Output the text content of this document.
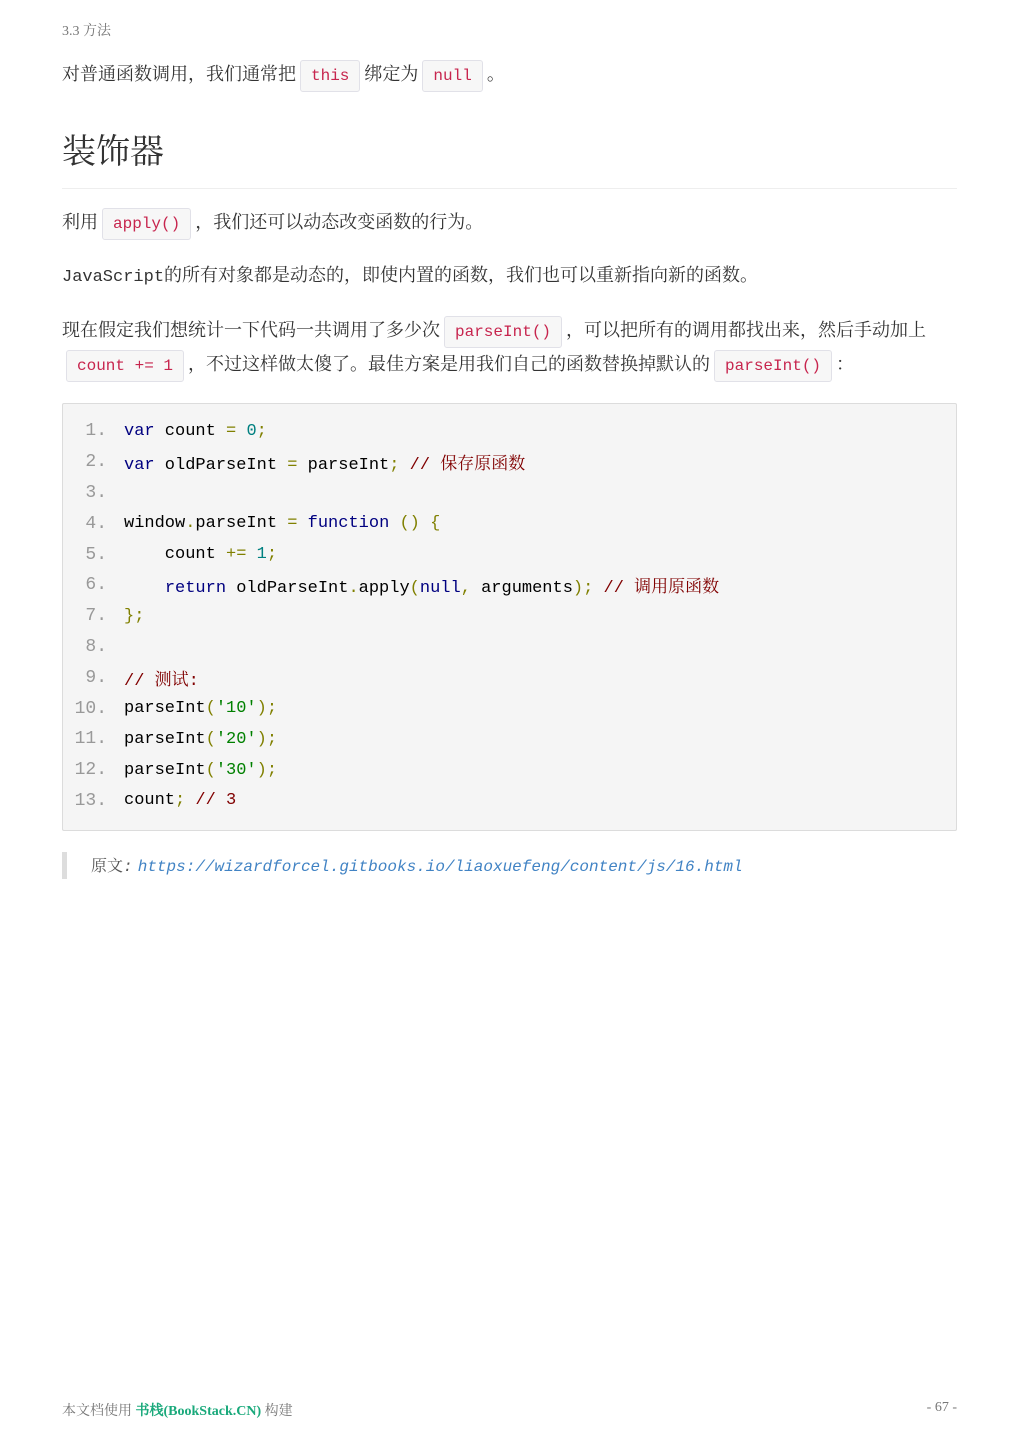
3.3 方法

对普通函数调用，我们通常把 this 绑定为 null 。

装饰器

利用 apply() ，我们还可以动态改变函数的行为。

JavaScript的所有对象都是动态的，即使内置的函数，我们也可以重新指向新的函数。

现在假定我们想统计一下代码一共调用了多少次 parseInt() ，可以把所有的调用都找出来，然后手动加上count += 1 ，不过这样做太傻了。最佳方案是用我们自己的函数替换掉默认的 parseInt() ：

1. var count = 0;
2. var oldParseInt = parseInt; // 保存原函数
3.
4. window.parseInt = function () {
5. count += 1;
6.	return oldParseInt.apply(null, arguments); // 调用原函数
7. };
8.
9. // 测试:
10. parseInt('10');
11. parseInt('20');
12. parseInt('30');
13. count; // 3
原文: https://wizardforcel.gitbooks.io/liaoxuefeng/content/js/16.html
本文档使用 书栈(BookStack.CN) 构建	- 67 -
